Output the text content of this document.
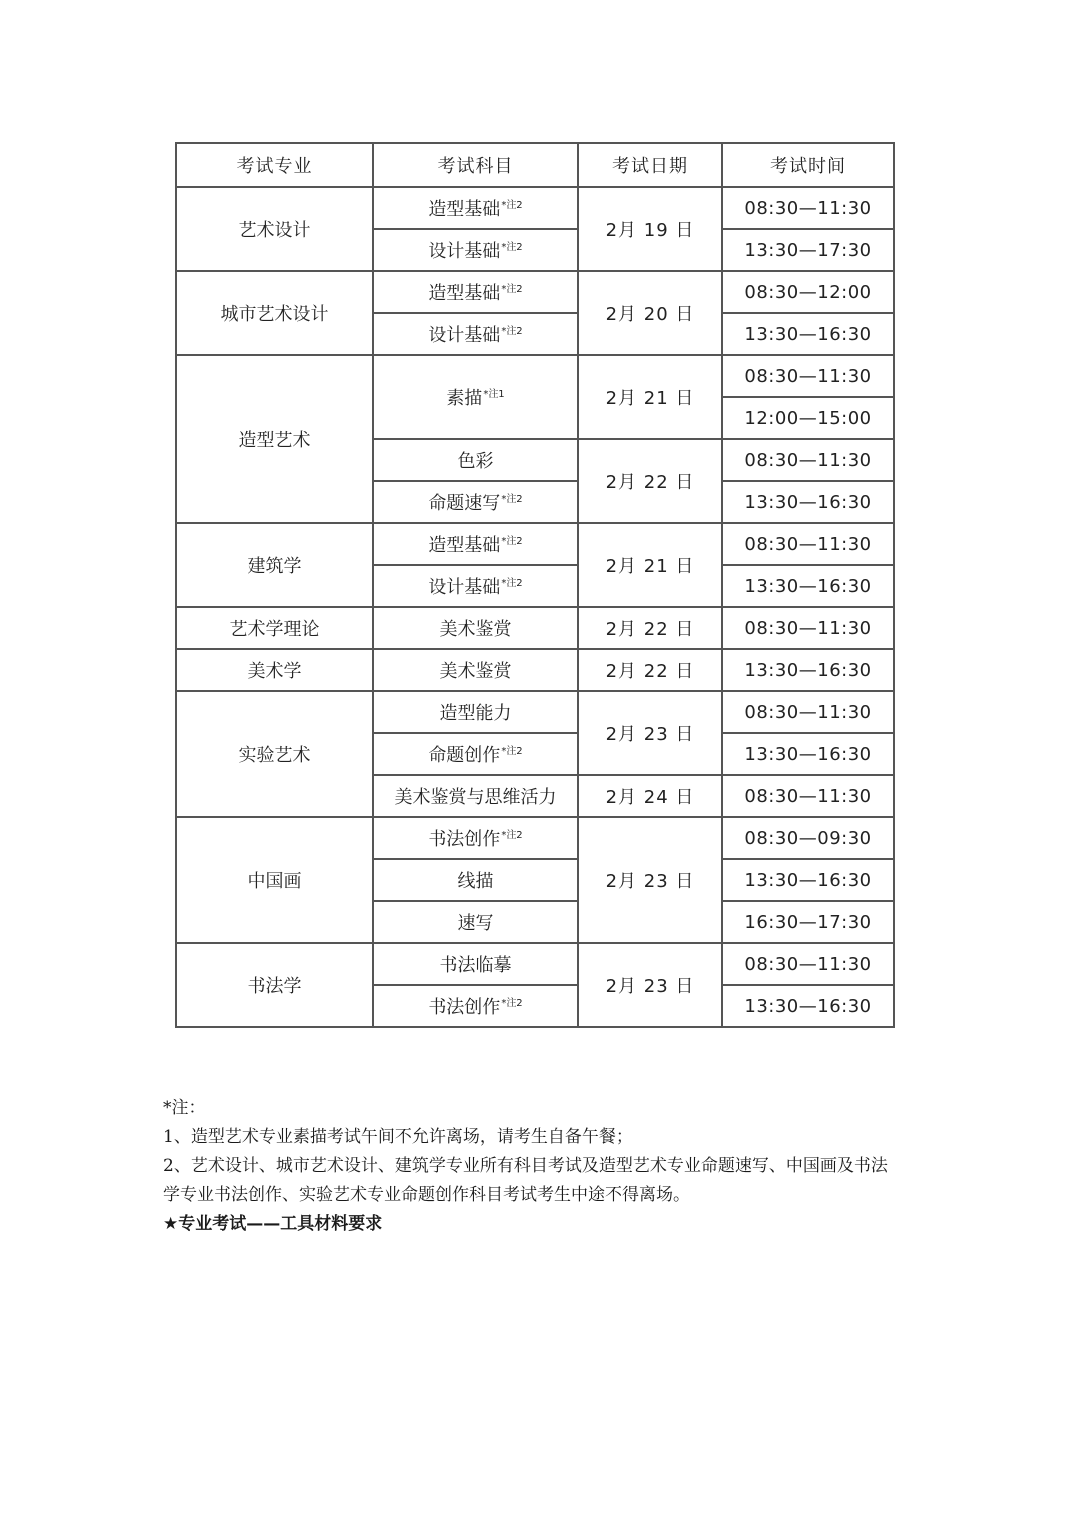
考试专业	考试科目	考试日期	考试时间
艺术设计	造型基础$^{*注2}$	2月 19 日	08:30—11:30
	设计基础$^{*注2}$		13:30—17:30
城市艺术设计	造型基础$^{*注2}$	2月 20 日	08:30—12:00
	设计基础$^{*注2}$		13:30—16:30
造型艺术	素描$^{*注1}$	2月 21 日	08:30—11:30
			12:00—15:00
	色彩	2月 22 日	08:30—11:30
	命题速写$^{*注2}$		13:30—16:30
建筑学	造型基础$^{*注2}$	2月 21 日	08:30—11:30
	设计基础$^{*注2}$		13:30—16:30
艺术学理论	美术鉴赏	2月 22 日	08:30—11:30
美术学	美术鉴赏	2月 22 日	13:30—16:30
实验艺术	造型能力	2月 23 日	08:30—11:30
	命题创作$^{*注2}$		13:30—16:30
	美术鉴赏与思维活力	2月 24 日	08:30—11:30
中国画	书法创作$^{*注2}$	2月 23 日	08:30—09:30
	线描		13:30—16:30
	速写		16:30—17:30
书法学	书法临摹	2月 23 日	08:30—11:30
	书法创作$^{*注2}$		13:30—16:30

*注：

1、造型艺术专业素描考试午间不允许离场，请考生自备午餐；

2、艺术设计、城市艺术设计、建筑学专业所有科目考试及造型艺术专业命题速写、中国画及书法学专业书法创作、实验艺术专业命题创作科目考试考生中途不得离场。

★专业考试——工具材料要求
